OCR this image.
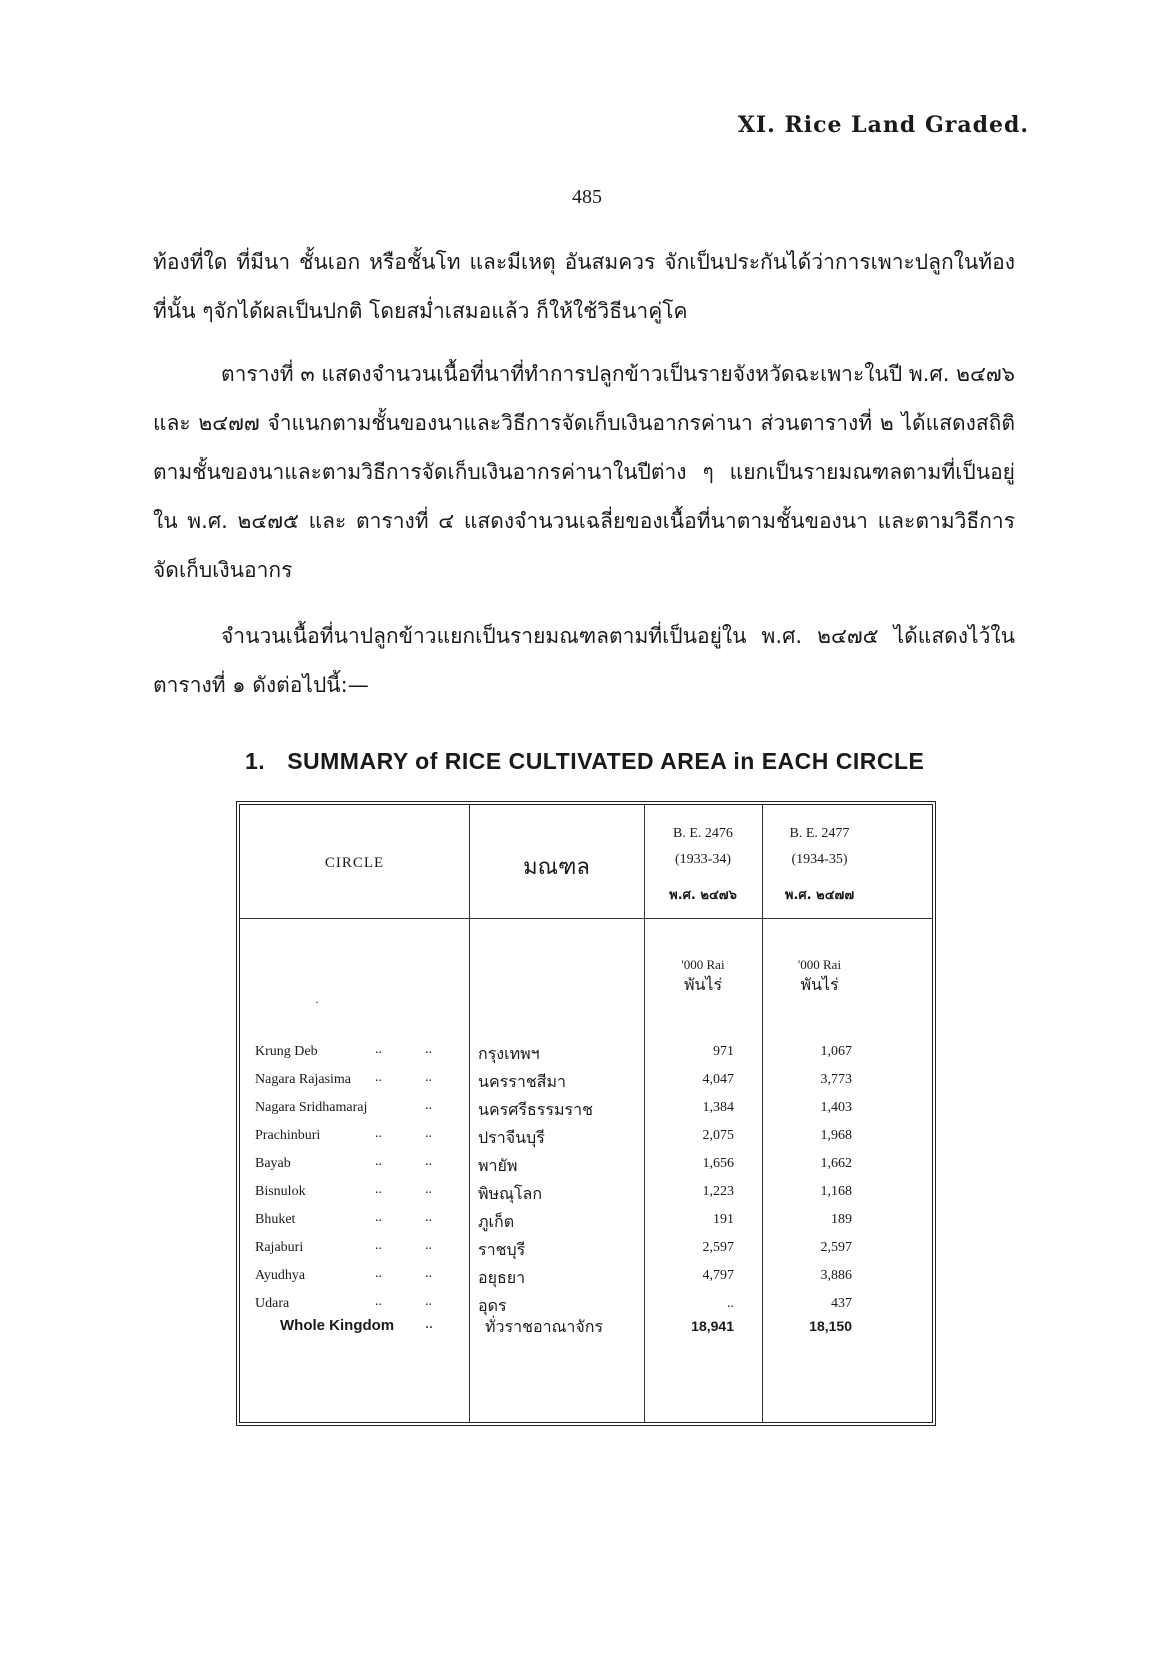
XI. Rice Land Graded.
485
ท้องที่ใด ที่มีนา ชั้นเอก หรือชั้นโท และมีเหตุ อันสมควร จักเป็นประกันได้ว่าการเพาะปลูกในท้องที่นั้น ๆจักได้ผลเป็นปกติ โดยสม่ำเสมอแล้ว ก็ให้ใช้วิธีนาคู่โค
ตารางที่ ๓ แสดงจำนวนเนื้อที่นาที่ทำการปลูกข้าวเป็นรายจังหวัดฉะเพาะในปี พ.ศ. ๒๔๗๖ และ ๒๔๗๗ จำแนกตามชั้นของนาและวิธีการจัดเก็บเงินอากรค่านา ส่วนตารางที่ ๒ ได้แสดงสถิติตามชั้นของนาและตามวิธีการจัดเก็บเงินอากรค่านาในปีต่าง ๆ แยกเป็นรายมณฑลตามที่เป็นอยู่ใน พ.ศ. ๒๔๗๕ และ ตารางที่ ๔ แสดงจำนวนเฉลี่ยของเนื้อที่นาตามชั้นของนา และตามวิธีการจัดเก็บเงินอากร
จำนวนเนื้อที่นาปลูกข้าวแยกเป็นรายมณฑลตามที่เป็นอยู่ใน พ.ศ. ๒๔๗๕ ได้แสดงไว้ในตารางที่ ๑ ดังต่อไปนี้:—
1. SUMMARY of RICE CULTIVATED AREA in EACH CIRCLE
CIRCLE	มณฑล
B. E. 2476
(1933-34)
พ.ศ. ๒๔๗๖
B. E. 2477
(1934-35)
พ.ศ. ๒๔๗๗
·
'000 Rai
พันไร่
'000 Rai
พันไร่
Krung Deb	..	..	กรุงเทพฯ	971	1,067
Nagara Rajasima ..	..	นครราชสีมา	4,047	3,773
Nagara Sridhamaraj	..	นครศรีธรรมราช	1,384	1,403
Prachinburi	..	..	ปราจีนบุรี	2,075	1,968
Bayab	..	..	พายัพ	1,656	1,662
Bisnulok	..	..	พิษณุโลก	1,223	1,168
Bhuket	..	..	ภูเก็ต	191	189
Rajaburi	..	..	ราชบุรี	2,597	2,597
Ayudhya	..	..	อยุธยา	4,797	3,886
Udara	..	..	อุดร	..	437
Whole Kingdom ..	ทั่วราชอาณาจักร	18,941	18,150
